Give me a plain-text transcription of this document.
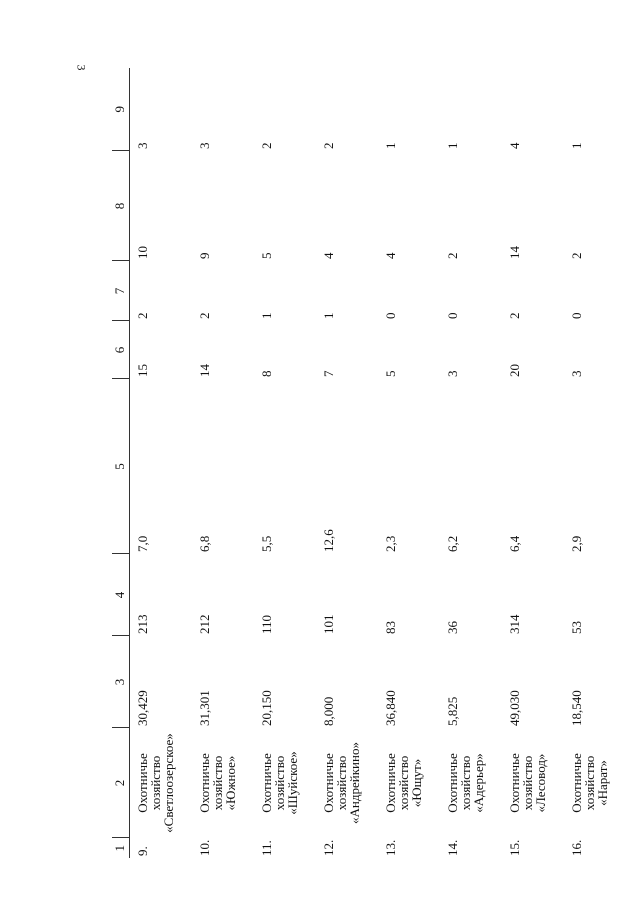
3
1	2	3	4	5	6	7	8	9
9.	Охотничье
хозяйство
«Светлоозерское»	30,429	213	7,0	15	2	10	3
10.	Охотничье
хозяйство
«Южное»	31,301	212	6,8	14	2	9	3
11.	Охотничье
хозяйство
«Шуйское»	20,150	110	5,5	8	1	5	2
12.	Охотничье
хозяйство
«Андрейкино»	8,000	101	12,6	7	1	4	2
13.	Охотничье
хозяйство
«Ющут»	36,840	83	2,3	5	0	4	1
14.	Охотничье
хозяйство
«Адерьер»	5,825	36	6,2	3	0	2	1
15.	Охотничье
хозяйство
«Лесовод»	49,030	314	6,4	20	2	14	4
16.	Охотничье
хозяйство
«Нарат»	18,540	53	2,9	3	0	2	1
